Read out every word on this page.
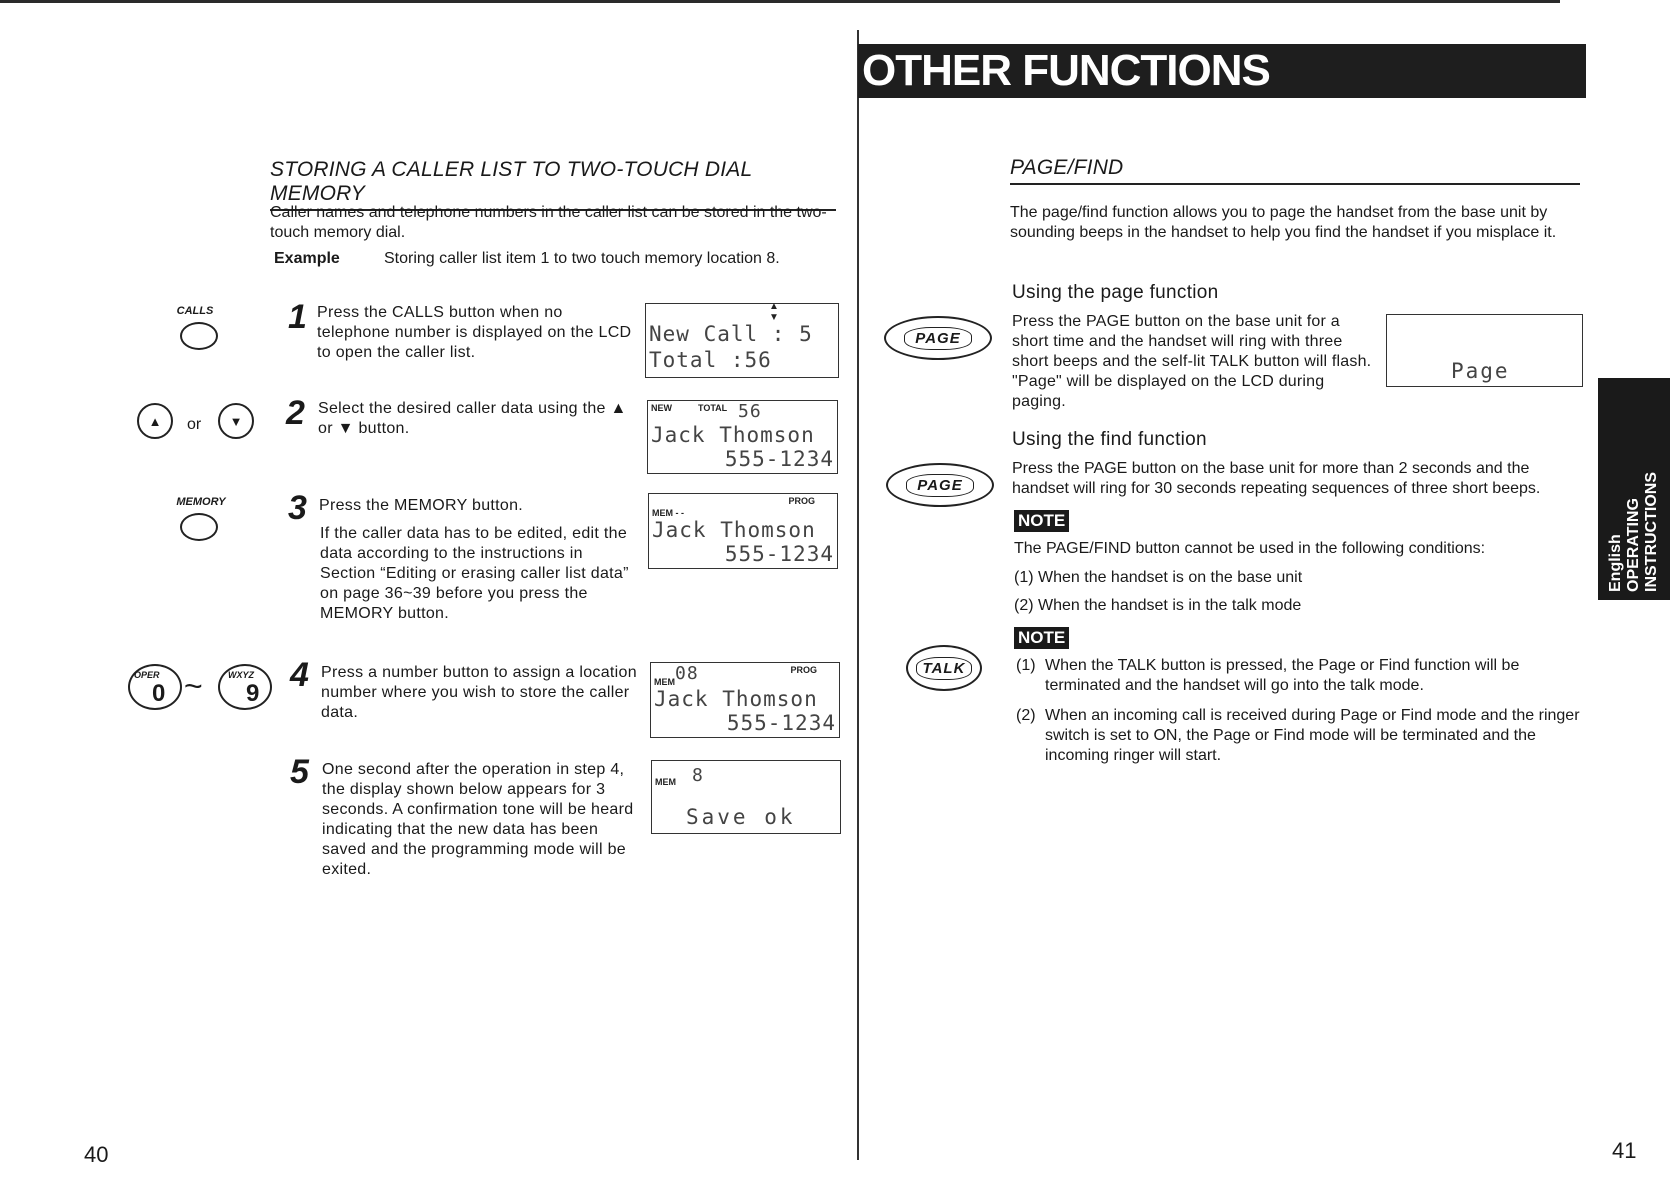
STORING A CALLER LIST TO TWO-TOUCH DIAL MEMORY
Caller names and telephone numbers in the caller list can be stored in the two-touch memory dial.
Example	Storing caller list item 1 to two touch memory location 8.
CALLS 1 Press the CALLS button when no telephone number is displayed on the LCD to open the caller list.
▲
▼
New Call : 5
Total :56
▲ or ▼ 2 Select the desired caller data using the ▲ or ▼ button.
NEW	TOTAL 56
Jack Thomson
555-1234
MEMORY 3 Press the MEMORY button.
If the caller data has to be edited, edit the data according to the instructions in Section “Editing or erasing caller list data” on page 36~39 before you press the MEMORY button.
MEM - -
PROG
Jack Thomson
555-1234
OPER
0 ~	WXYZ
9 4 Press a number button to assign a location number where you wish to store the caller data.
MEM 08	PROG
Jack Thomson
555-1234
5 One second after the operation in step 4, the display shown below appears for 3 seconds. A confirmation tone will be heard indicating that the new data has been saved and the programming mode will be exited.
MEM 8
Save ok
40
OTHER FUNCTIONS
PAGE/FIND
The page/find function allows you to page the handset from the base unit by sounding beeps in the handset to help you find the handset if you misplace it.
Using the page function
PAGE
Press the PAGE button on the base unit for a short time and the handset will ring with three short beeps and the self-lit TALK button will flash. "Page" will be displayed on the LCD during paging.
Page
Using the find function
PAGE
Press the PAGE button on the base unit for more than 2 seconds and the handset will ring for 30 seconds repeating sequences of three short beeps.
NOTE
The PAGE/FIND button cannot be used in the following conditions:
(1) When the handset is on the base unit
(2) When the handset is in the talk mode
NOTE
TALK	(1) When the TALK button is pressed, the Page or Find function will be terminated and the handset will go into the talk mode.
(2) When an incoming call is received during Page or Find mode and the ringer switch is set to ON, the Page or Find mode will be terminated and the incoming ringer will start.
English OPERATING INSTRUCTIONS
41
